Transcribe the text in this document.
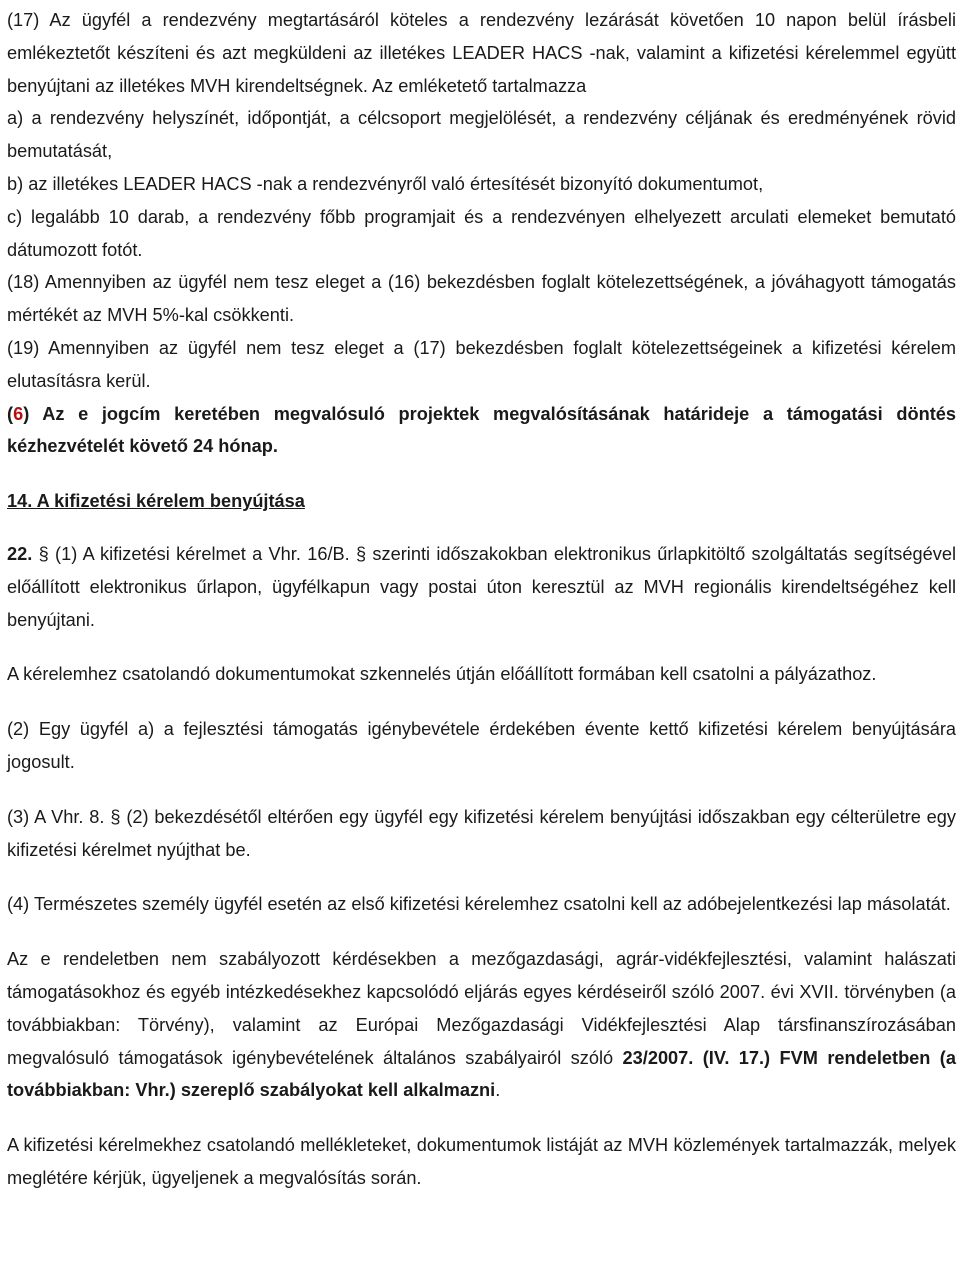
(17) Az ügyfél a rendezvény megtartásáról köteles a rendezvény lezárását követően 10 napon belül írásbeli emlékeztetőt készíteni és azt megküldeni az illetékes LEADER HACS -nak, valamint a kifizetési kérelemmel együtt benyújtani az illetékes MVH kirendeltségnek. Az emléketető tartalmazza

a) a rendezvény helyszínét, időpontját, a célcsoport megjelölését, a rendezvény céljának és eredményének rövid bemutatását,

b) az illetékes LEADER HACS -nak a rendezvényről való értesítését bizonyító dokumentumot,

c) legalább 10 darab, a rendezvény főbb programjait és a rendezvényen elhelyezett arculati elemeket bemutató dátumozott fotót.

(18) Amennyiben az ügyfél nem tesz eleget a (16) bekezdésben foglalt kötelezettségének, a jóváhagyott támogatás mértékét az MVH 5%-kal csökkenti.

(19) Amennyiben az ügyfél nem tesz eleget a (17) bekezdésben foglalt kötelezettségeinek a kifizetési kérelem elutasításra kerül.

(6) Az e jogcím keretében megvalósuló projektek megvalósításának határideje a támogatási döntés kézhezvételét követő 24 hónap.

14. A kifizetési kérelem benyújtása

22. § (1) A kifizetési kérelmet a Vhr. 16/B. § szerinti időszakokban elektronikus űrlapkitöltő szolgáltatás segítségével előállított elektronikus űrlapon, ügyfélkapun vagy postai úton keresztül az MVH regionális kirendeltségéhez kell benyújtani.

A kérelemhez csatolandó dokumentumokat szkennelés útján előállított formában kell csatolni a pályázathoz.

(2) Egy ügyfél a) a fejlesztési támogatás igénybevétele érdekében évente kettő kifizetési kérelem benyújtására jogosult.

(3) A Vhr. 8. § (2) bekezdésétől eltérően egy ügyfél egy kifizetési kérelem benyújtási időszakban egy célterületre egy kifizetési kérelmet nyújthat be.

(4) Természetes személy ügyfél esetén az első kifizetési kérelemhez csatolni kell az adóbejelentkezési lap másolatát.

Az e rendeletben nem szabályozott kérdésekben a mezőgazdasági, agrár-vidékfejlesztési, valamint halászati támogatásokhoz és egyéb intézkedésekhez kapcsolódó eljárás egyes kérdéseiről szóló 2007. évi XVII. törvényben (a továbbiakban: Törvény), valamint az Európai Mezőgazdasági Vidékfejlesztési Alap társfinanszírozásában megvalósuló támogatások igénybevételének általános szabályairól szóló 23/2007. (IV. 17.) FVM rendeletben (a továbbiakban: Vhr.) szereplő szabályokat kell alkalmazni.

A kifizetési kérelmekhez csatolandó mellékleteket, dokumentumok listáját az MVH közlemények tartalmazzák, melyek meglétére kérjük, ügyeljenek a megvalósítás során.
